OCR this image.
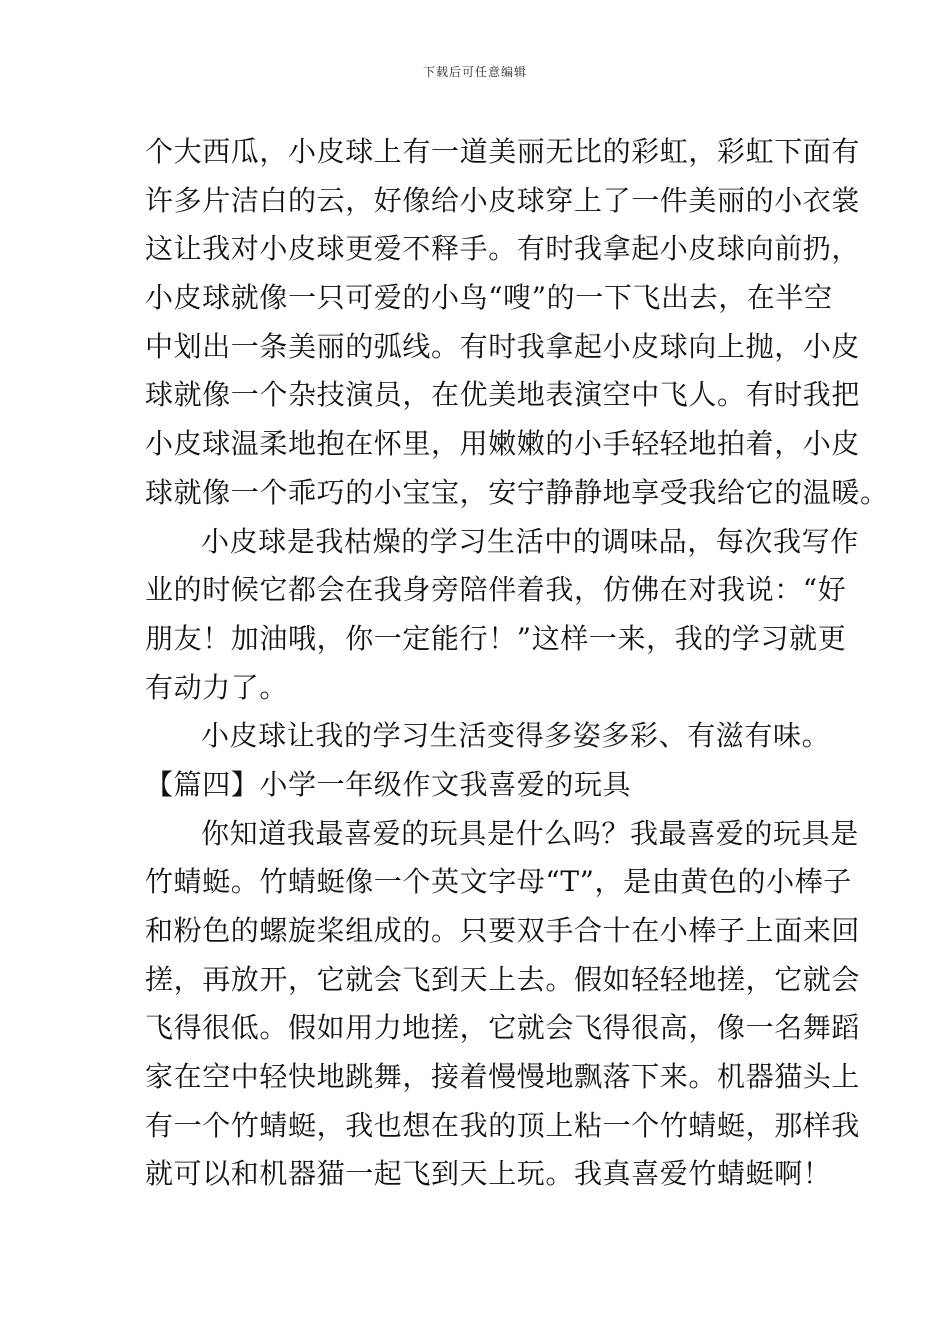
下载后可任意编辑
个大西瓜，小皮球上有一道美丽无比的彩虹，彩虹下面有
许多片洁白的云，好像给小皮球穿上了一件美丽的小衣裳
这让我对小皮球更爱不释手。有时我拿起小皮球向前扔，
小皮球就像一只可爱的小鸟“嗖”的一下飞出去，在半空
中划出一条美丽的弧线。有时我拿起小皮球向上抛，小皮
球就像一个杂技演员，在优美地表演空中飞人。有时我把
小皮球温柔地抱在怀里，用嫩嫩的小手轻轻地拍着，小皮
球就像一个乖巧的小宝宝，安宁静静地享受我给它的温暖。
小皮球是我枯燥的学习生活中的调味品，每次我写作
业的时候它都会在我身旁陪伴着我，仿佛在对我说：“好
朋友！加油哦，你一定能行！”这样一来，我的学习就更
有动力了。
小皮球让我的学习生活变得多姿多彩、有滋有味。
【篇四】小学一年级作文我喜爱的玩具
你知道我最喜爱的玩具是什么吗？我最喜爱的玩具是
竹蜻蜓。竹蜻蜓像一个英文字母“T”，是由黄色的小棒子
和粉色的螺旋桨组成的。只要双手合十在小棒子上面来回
搓，再放开，它就会飞到天上去。假如轻轻地搓，它就会
飞得很低。假如用力地搓，它就会飞得很高，像一名舞蹈
家在空中轻快地跳舞，接着慢慢地飘落下来。机器猫头上
有一个竹蜻蜓，我也想在我的顶上粘一个竹蜻蜓，那样我
就可以和机器猫一起飞到天上玩。我真喜爱竹蜻蜓啊！
